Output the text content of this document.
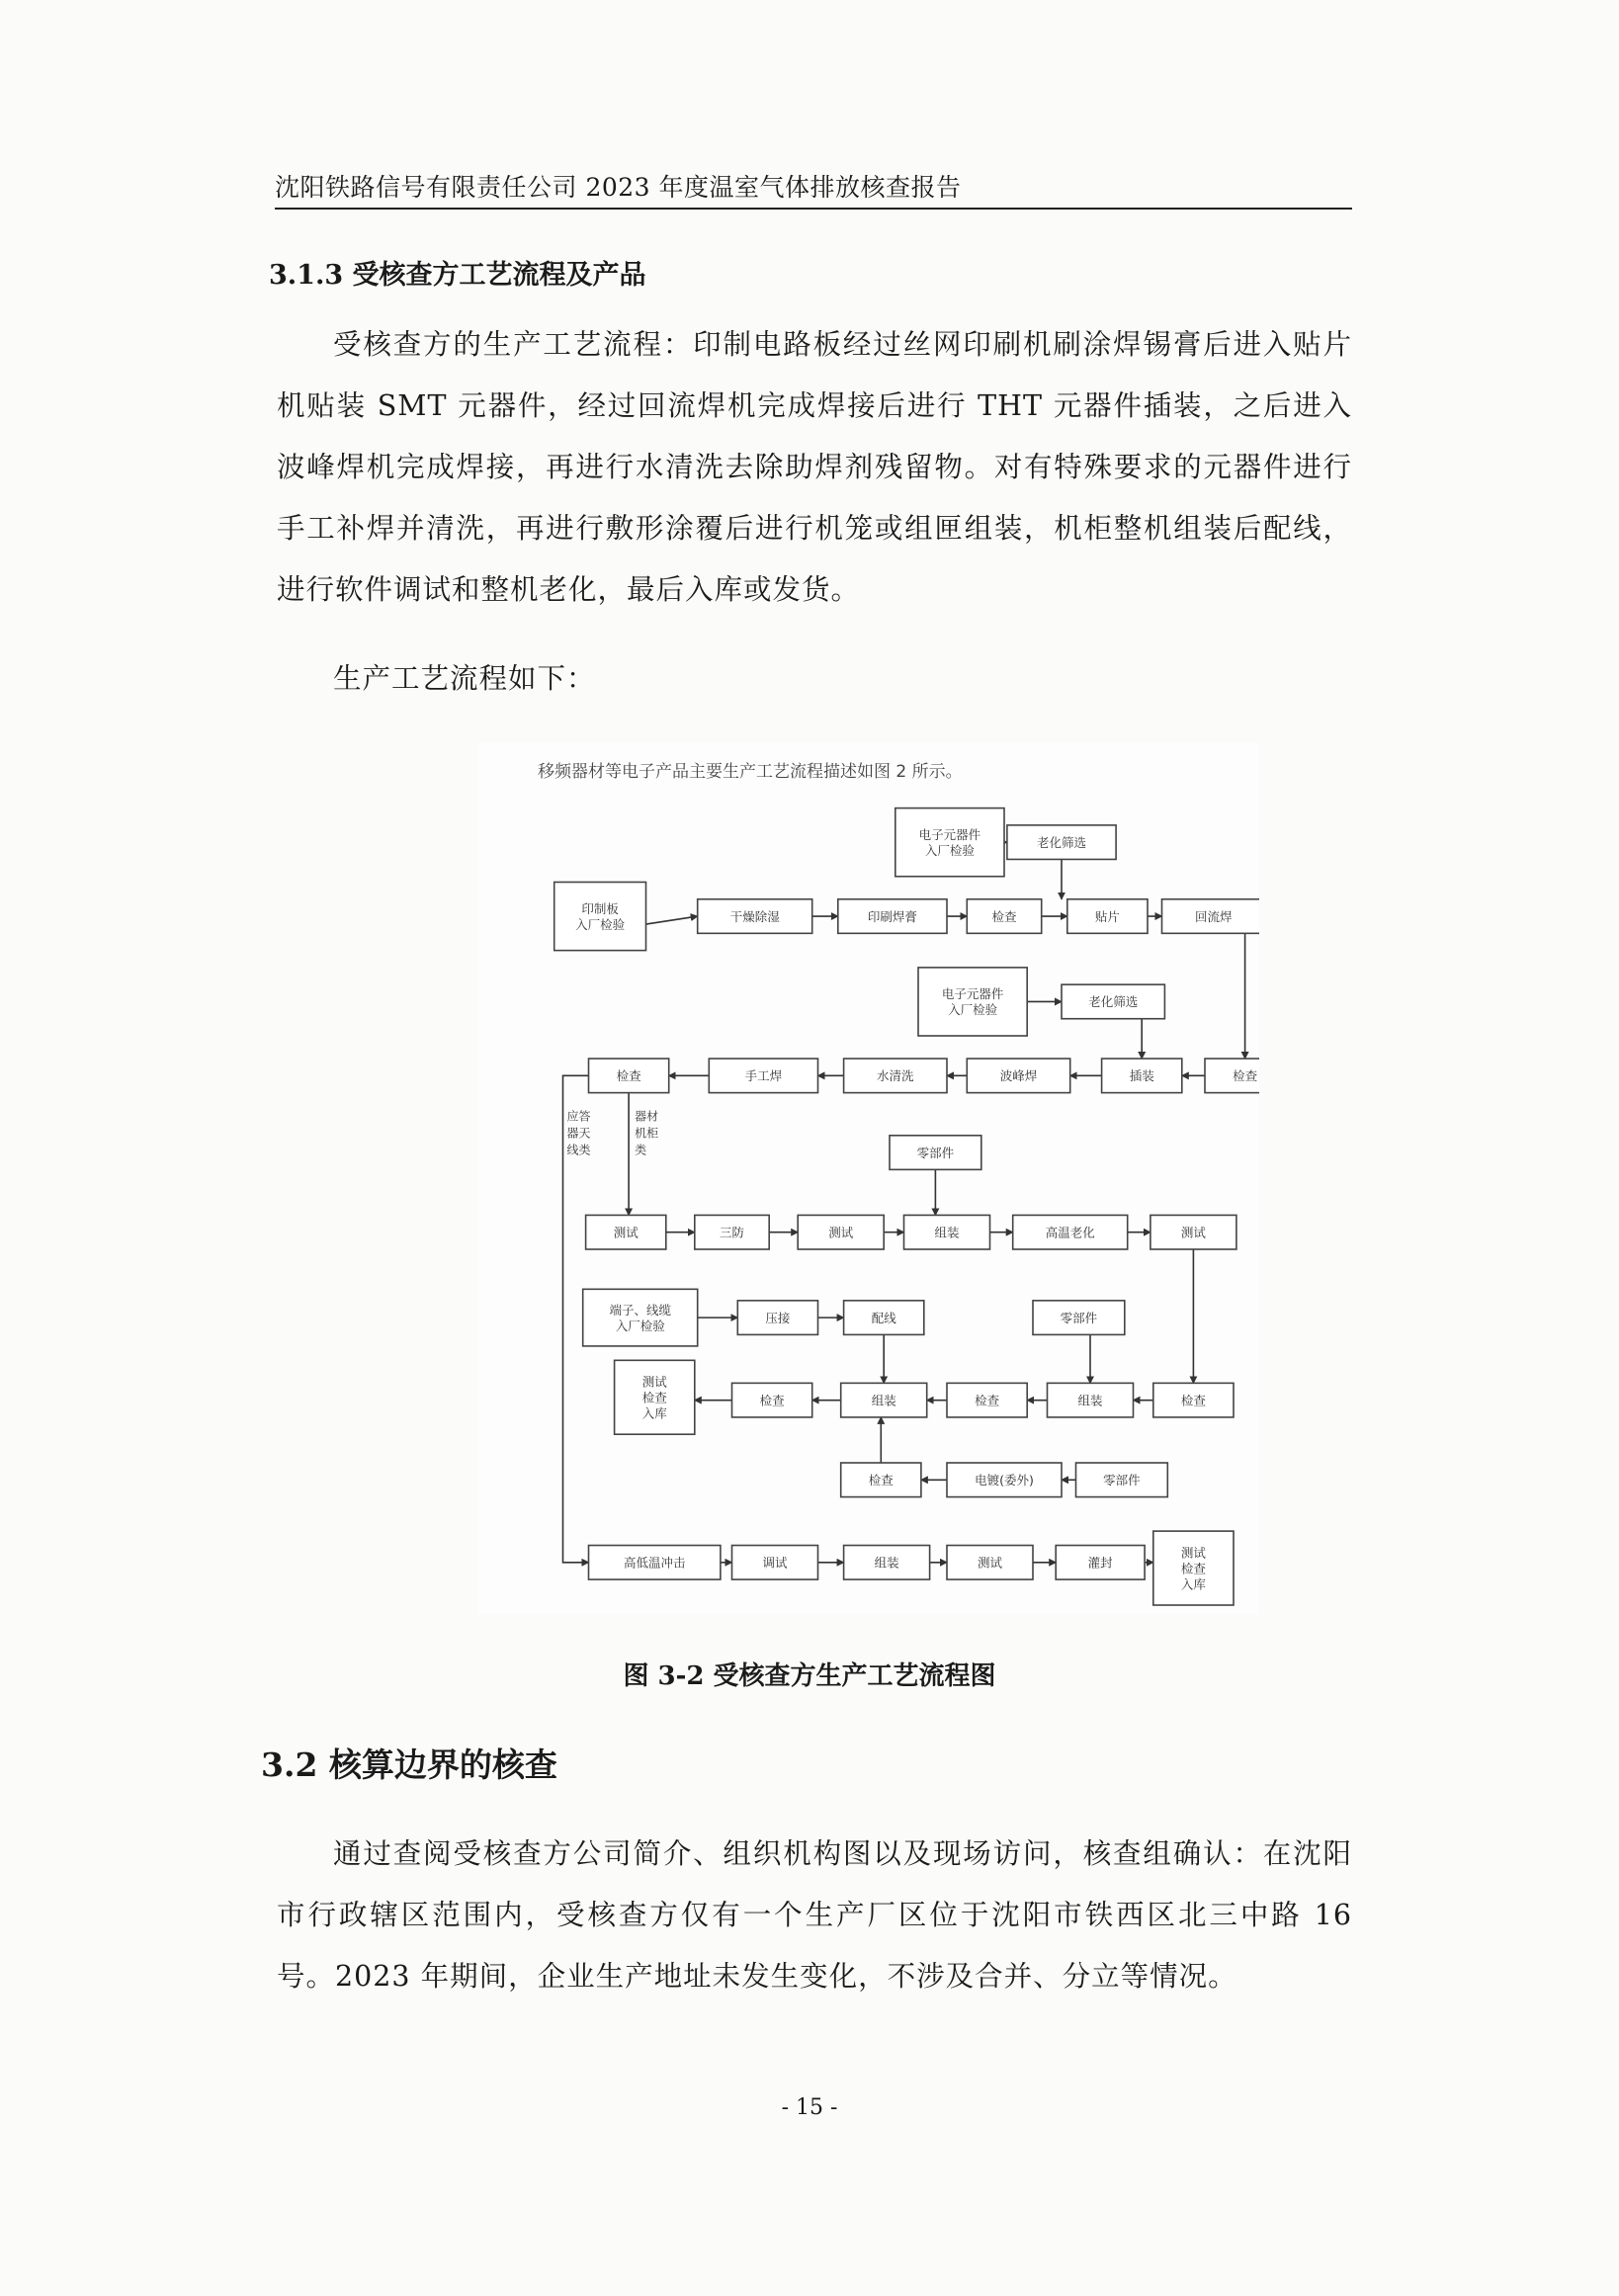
沈阳铁路信号有限责任公司 2023 年度温室气体排放核查报告
3.1.3 受核查方工艺流程及产品
受核查方的生产工艺流程：印制电路板经过丝网印刷机刷涂焊锡膏后进入贴片机贴装 SMT 元器件，经过回流焊机完成焊接后进行 THT 元器件插装，之后进入波峰焊机完成焊接，再进行水清洗去除助焊剂残留物。对有特殊要求的元器件进行手工补焊并清洗，再进行敷形涂覆后进行机笼或组匣组装，机柜整机组装后配线，进行软件调试和整机老化，最后入库或发货。
生产工艺流程如下：
移频器材等电子产品主要生产工艺流程描述如图 2 所示。
电子元器件
入厂检验
老化筛选
印制板
入厂检验
干燥除湿	印刷焊膏	检查	贴片	回流焊
电子元器件
入厂检验
老化筛选
检查	手工焊	水清洗	波峰焊	插装	检查
零部件
测试	三防	测试	组装	高温老化	测试
端子、线缆
入厂检验
压接	配线	零部件
测试
检查
入库
检查	组装	检查	组装	检查
检查	电镀(委外)	零部件
高低温冲击	调试	组装	测试	灌封
测试
检查
入库
应答
器天
线类
器材
机柜
类
图 3-2 受核查方生产工艺流程图
3.2 核算边界的核查
通过查阅受核查方公司简介、组织机构图以及现场访问，核查组确认：在沈阳市行政辖区范围内，受核查方仅有一个生产厂区位于沈阳市铁西区北三中路 16 号。2023 年期间，企业生产地址未发生变化，不涉及合并、分立等情况。
- 15 -
